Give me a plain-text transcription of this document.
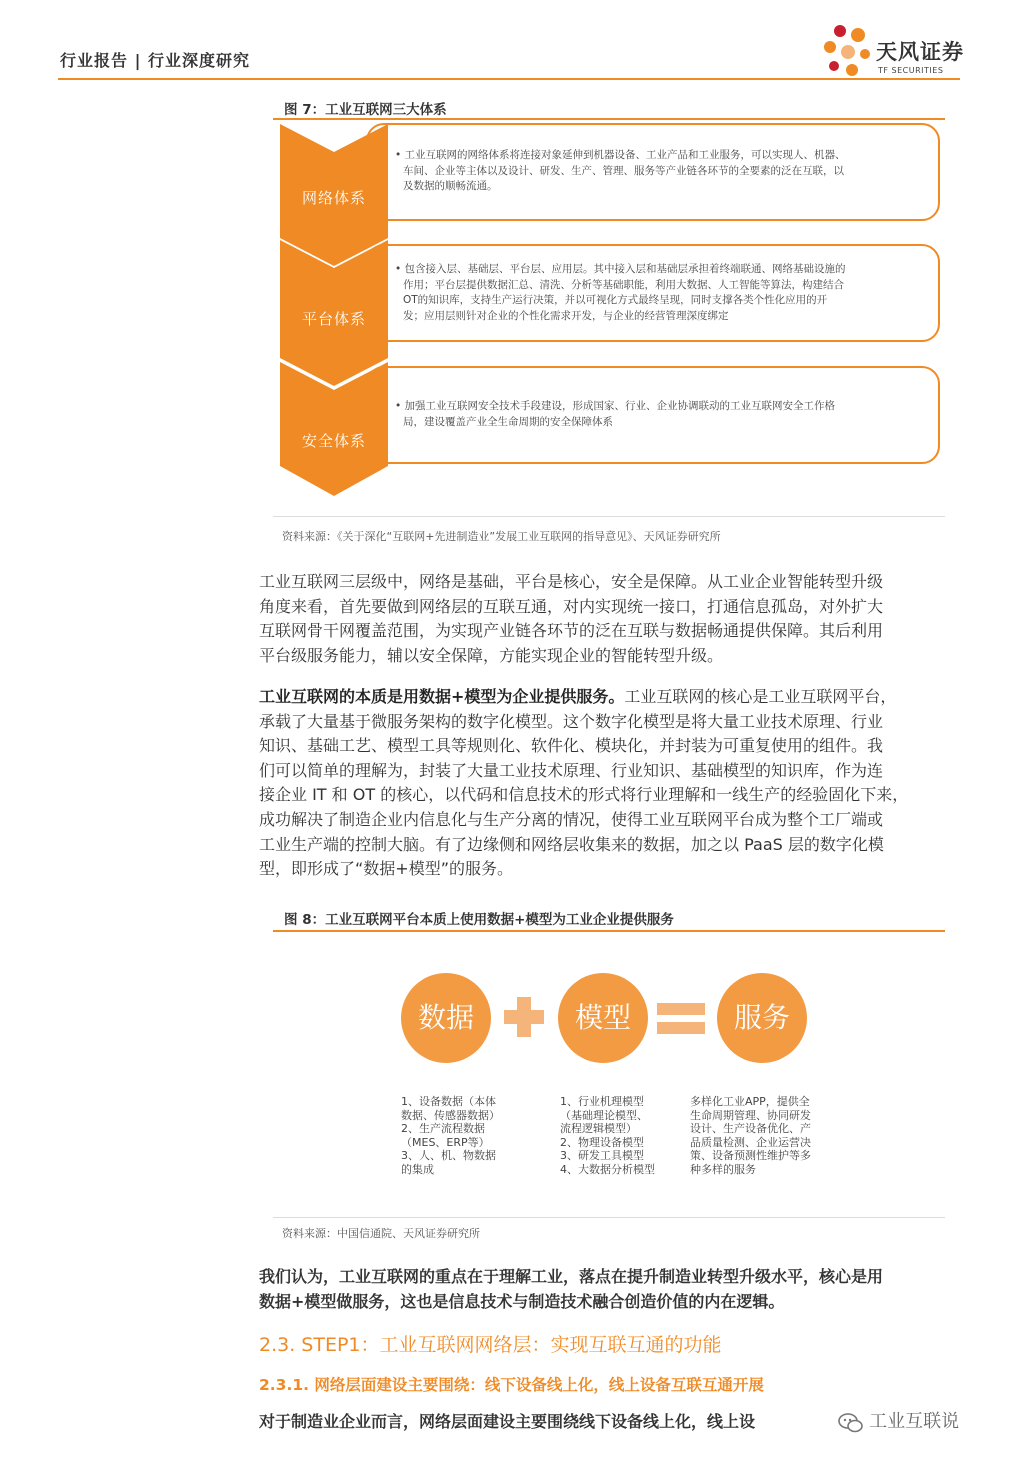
行业报告 | 行业深度研究	天风证券
TF SECURITIES
图 7：工业互联网三大体系
网络体系
平台体系
安全体系
• 工业互联网的网络体系将连接对象延伸到机器设备、工业产品和工业服务，可以实现人、机器、
车间、企业等主体以及设计、研发、生产、管理、服务等产业链各环节的全要素的泛在互联，以
及数据的顺畅流通。
• 包含接入层、基础层、平台层、应用层。其中接入层和基础层承担着终端联通、网络基础设施的
作用；平台层提供数据汇总、清洗、分析等基础职能，利用大数据、人工智能等算法，构建结合
OT的知识库，支持生产运行决策，并以可视化方式最终呈现，同时支撑各类个性化应用的开
发；应用层则针对企业的个性化需求开发，与企业的经营管理深度绑定
• 加强工业互联网安全技术手段建设，形成国家、行业、企业协调联动的工业互联网安全工作格
局，建设覆盖产业全生命周期的安全保障体系
资料来源：《关于深化“互联网+先进制造业”发展工业互联网的指导意见》、天风证券研究所
工业互联网三层级中，网络是基础，平台是核心，安全是保障。从工业企业智能转型升级
角度来看，首先要做到网络层的互联互通，对内实现统一接口，打通信息孤岛，对外扩大
互联网骨干网覆盖范围，为实现产业链各环节的泛在互联与数据畅通提供保障。其后利用
平台级服务能力，辅以安全保障，方能实现企业的智能转型升级。
工业互联网的本质是用数据+模型为企业提供服务。工业互联网的核心是工业互联网平台，
承载了大量基于微服务架构的数字化模型。这个数字化模型是将大量工业技术原理、行业
知识、基础工艺、模型工具等规则化、软件化、模块化，并封装为可重复使用的组件。我
们可以简单的理解为，封装了大量工业技术原理、行业知识、基础模型的知识库，作为连
接企业 IT 和 OT 的核心，以代码和信息技术的形式将行业理解和一线生产的经验固化下来，
成功解决了制造企业内信息化与生产分离的情况，使得工业互联网平台成为整个工厂端或
工业生产端的控制大脑。有了边缘侧和网络层收集来的数据，加之以 PaaS 层的数字化模
型，即形成了“数据+模型”的服务。
图 8：工业互联网平台本质上使用数据+模型为工业企业提供服务
数据	模型	服务
1、设备数据（本体
数据、传感器数据）
2、生产流程数据
（MES、ERP等）
3、人、机、物数据
的集成
1、行业机理模型
（基础理论模型、
流程逻辑模型）
2、物理设备模型
3、研发工具模型
4、大数据分析模型
多样化工业APP，提供全
生命周期管理、协同研发
设计、生产设备优化、产
品质量检测、企业运营决
策、设备预测性维护等多
种多样的服务
资料来源：中国信通院、天风证券研究所
我们认为，工业互联网的重点在于理解工业，落点在提升制造业转型升级水平，核心是用
数据+模型做服务，这也是信息技术与制造技术融合创造价值的内在逻辑。
2.3. STEP1：工业互联网网络层：实现互联互通的功能
2.3.1. 网络层面建设主要围绕：线下设备线上化，线上设备互联互通开展
对于制造业企业而言，网络层面建设主要围绕线下设备线上化，线上设	工业互联说
